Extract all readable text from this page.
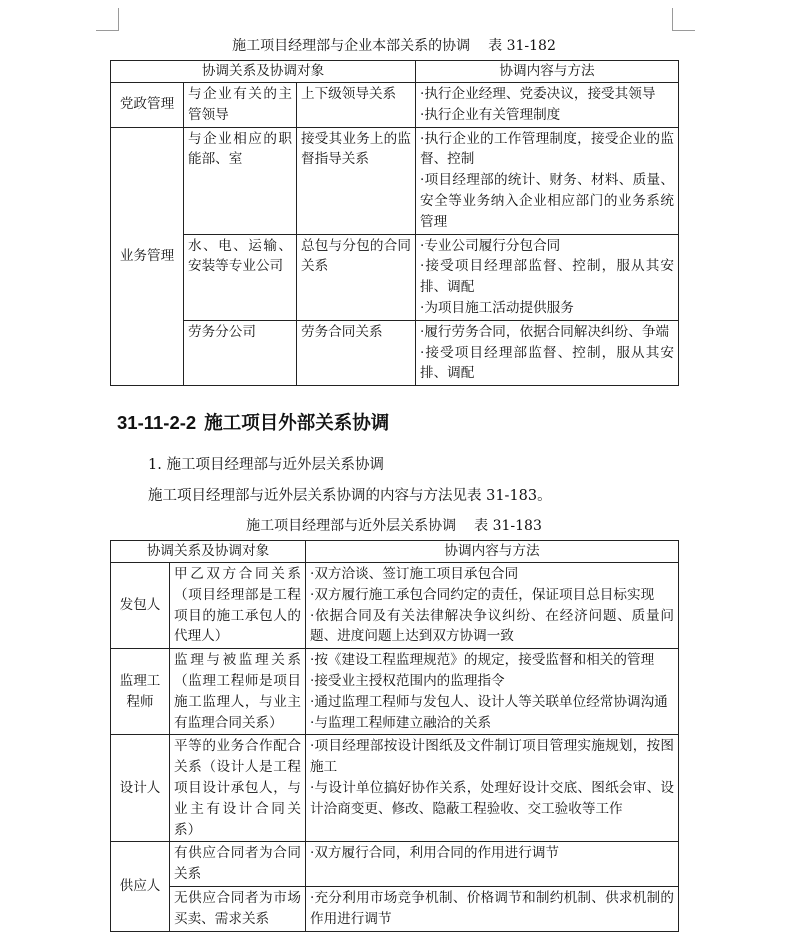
施工项目经理部与企业本部关系的协调 表 31-182
协调关系及协调对象			协调内容与方法
党政管理	与企业有关的主管领导	上下级领导关系	·执行企业经理、党委决议，接受其领导
·执行企业有关管理制度

业务管理	与企业相应的职能部、室	接受其业务上的监督指导关系	·执行企业的工作管理制度，接受企业的监督、控制
·项目经理部的统计、财务、材料、质量、安全等业务纳入企业相应部门的业务系统管理

	水、电、运输、安装等专业公司	总包与分包的合同关系	·专业公司履行分包合同
·接受项目经理部监督、控制，服从其安排、调配
·为项目施工活动提供服务

	劳务分公司	劳务合同关系	·履行劳务合同，依据合同解决纠纷、争端
·接受项目经理部监督、控制，服从其安排、调配
31-11-2-2 施工项目外部关系协调
1. 施工项目经理部与近外层关系协调
施工项目经理部与近外层关系协调的内容与方法见表 31-183。
施工项目经理部与近外层关系协调 表 31-183
协调关系及协调对象		协调内容与方法
发包人	甲乙双方合同关系（项目经理部是工程项目的施工承包人的代理人）	·双方洽谈、签订施工项目承包合同
·双方履行施工承包合同约定的责任，保证项目总目标实现
·依据合同及有关法律解决争议纠纷、在经济问题、质量问题、进度问题上达到双方协调一致

监理工程师	监理与被监理关系（监理工程师是项目施工监理人，与业主有监理合同关系）	·按《建设工程监理规范》的规定，接受监督和相关的管理
·接受业主授权范围内的监理指令
·通过监理工程师与发包人、设计人等关联单位经常协调沟通
·与监理工程师建立融洽的关系

设计人	平等的业务合作配合关系（设计人是工程项目设计承包人，与业主有设计合同关系）	·项目经理部按设计图纸及文件制订项目管理实施规划，按图施工
·与设计单位搞好协作关系，处理好设计交底、图纸会审、设计洽商变更、修改、隐蔽工程验收、交工验收等工作

供应人	有供应合同者为合同关系	·双方履行合同，利用合同的作用进行调节

	无供应合同者为市场买卖、需求关系	·充分利用市场竞争机制、价格调节和制约机制、供求机制的作用进行调节
